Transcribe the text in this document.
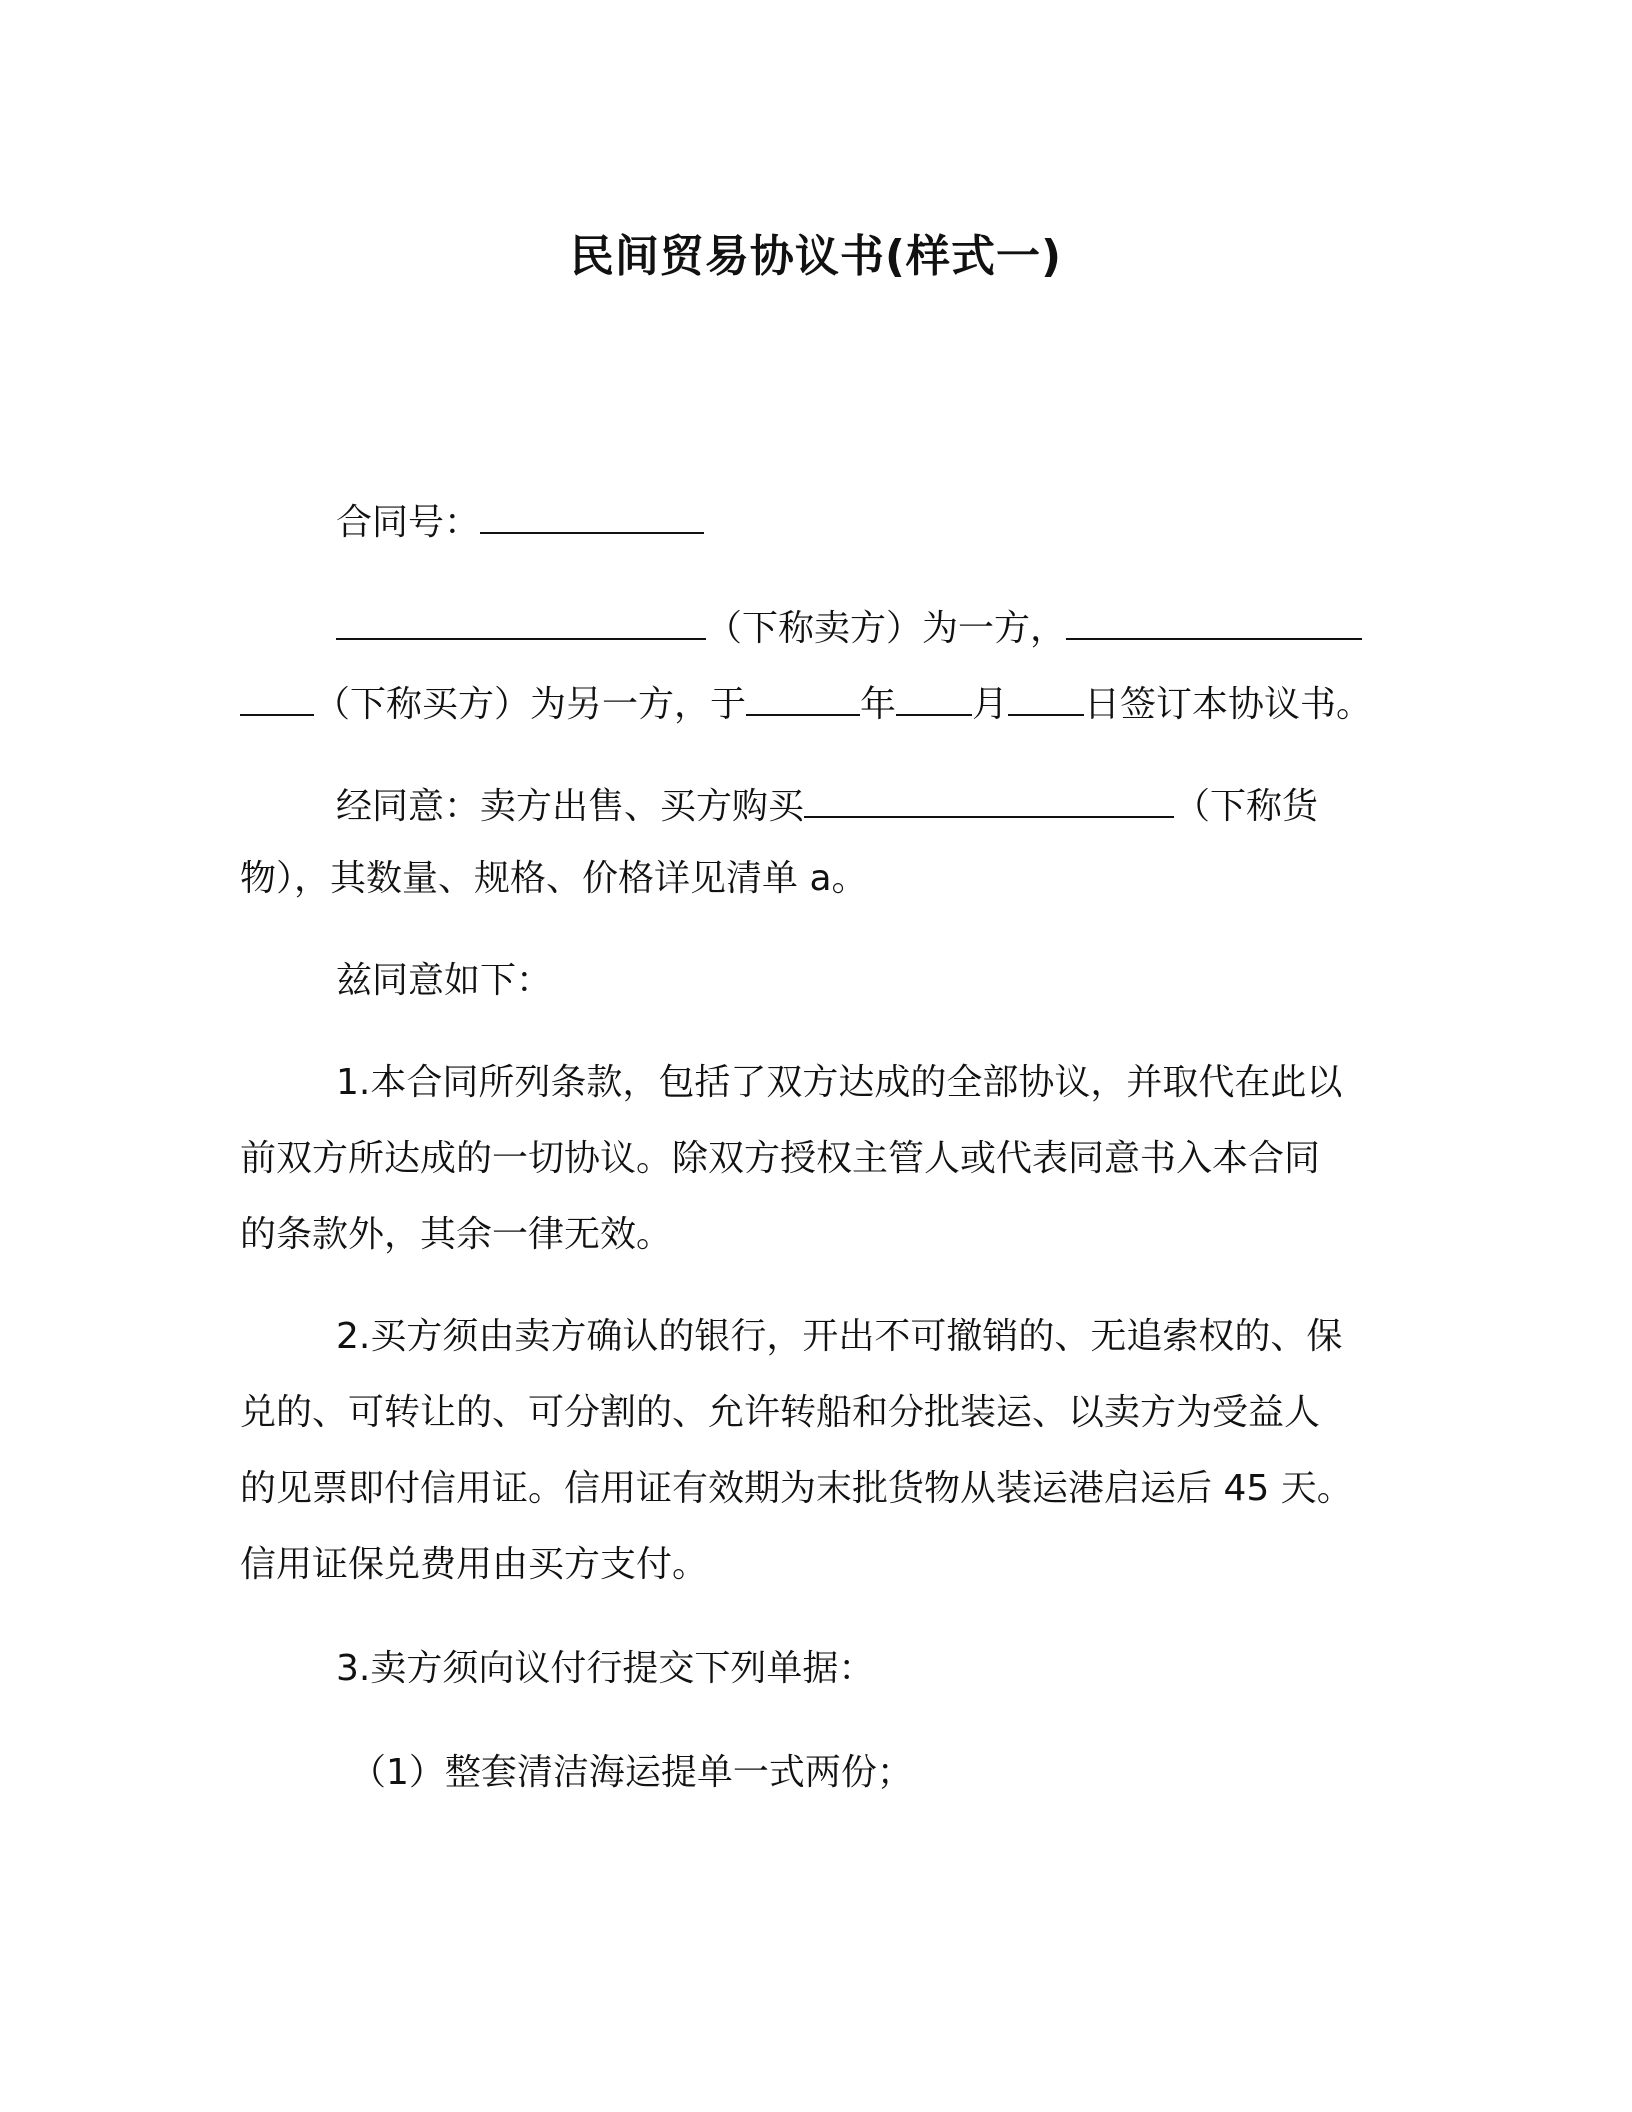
民间贸易协议书(样式一)
合同号：
（下称卖方）为一方，
（下称买方）为另一方，于	年 月 日签订本协议书。
经同意：卖方出售、买方购买	（下称货
物），其数量、规格、价格详见清单 a。
兹同意如下：
1.本合同所列条款，包括了双方达成的全部协议，并取代在此以
前双方所达成的一切协议。除双方授权主管人或代表同意书入本合同
的条款外，其余一律无效。
2.买方须由卖方确认的银行，开出不可撤销的、无追索权的、保
兑的、可转让的、可分割的、允许转船和分批装运、以卖方为受益人
的见票即付信用证。信用证有效期为末批货物从装运港启运后 45 天。
信用证保兑费用由买方支付。
3.卖方须向议付行提交下列单据：
（1）整套清洁海运提单一式两份；
